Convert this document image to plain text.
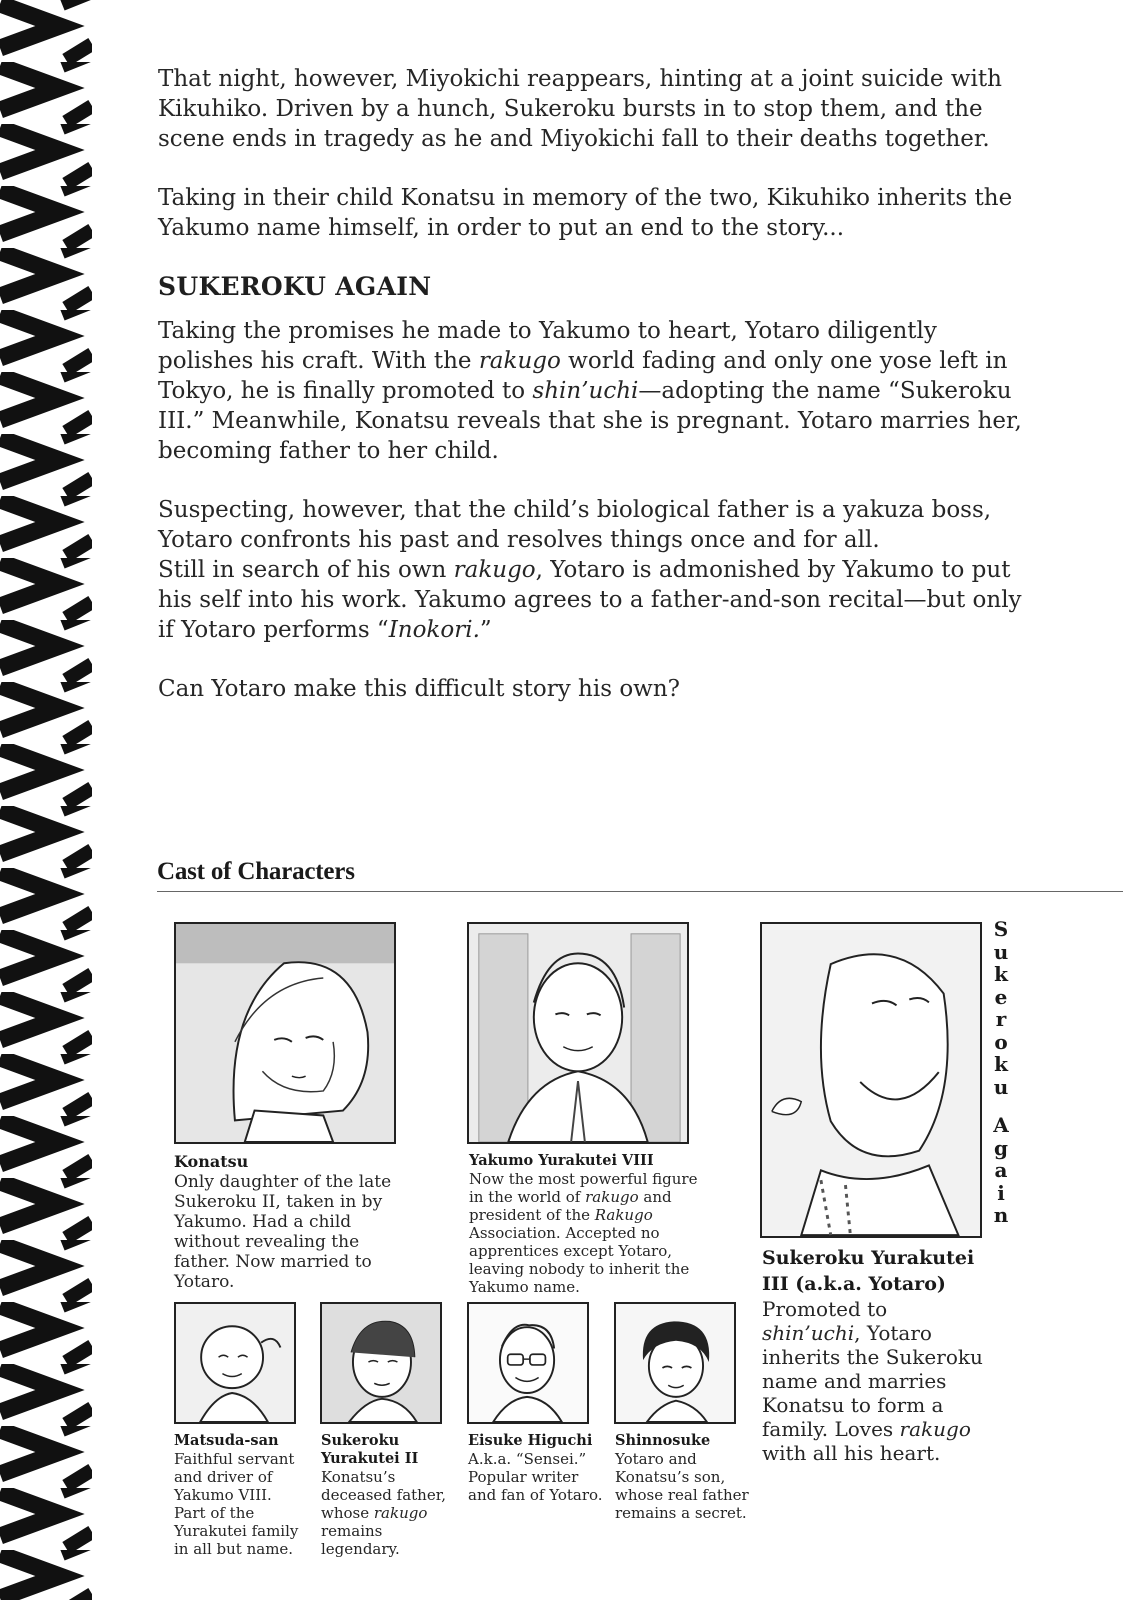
That night, however, Miyokichi reappears, hinting at a joint suicide with Kikuhiko. Driven by a hunch, Sukeroku bursts in to stop them, and the scene ends in tragedy as he and Miyokichi fall to their deaths together.

Taking in their child Konatsu in memory of the two, Kikuhiko inherits the Yakumo name himself, in order to put an end to the story...

SUKEROKU AGAIN

Taking the promises he made to Yakumo to heart, Yotaro diligently polishes his craft. With the rakugo world fading and only one yose left in Tokyo, he is finally promoted to shin’uchi—adopting the name “Sukeroku III.” Meanwhile, Konatsu reveals that she is pregnant. Yotaro marries her, becoming father to her child.

Suspecting, however, that the child’s biological father is a yakuza boss, Yotaro confronts his past and resolves things once and for all.

Still in search of his own rakugo, Yotaro is admonished by Yakumo to put his self into his work. Yakumo agrees to a father-and-son recital—but only if Yotaro performs “Inokori.”

Can Yotaro make this difficult story his own?

Cast of Characters
Konatsu
Only daughter of the late Sukeroku II, taken in by Yakumo. Had a child without revealing the father. Now married to Yotaro.
Yakumo Yurakutei VIII
Now the most powerful figure in the world of rakugo and president of the Rakugo Association. Accepted no apprentices except Yotaro, leaving nobody to inherit the Yakumo name.
S
u
k
e
r
o
k
u
A
g
a
i
n
Sukeroku Yurakutei III (a.k.a. Yotaro)
Promoted to shin’uchi, Yotaro inherits the Sukeroku name and marries Konatsu to form a family. Loves rakugo with all his heart.
Matsuda-san
Faithful servant and driver of Yakumo VIII. Part of the Yurakutei family in all but name.
Sukeroku Yurakutei II
Konatsu’s deceased father, whose rakugo remains legendary.
Eisuke Higuchi
A.k.a. “Sensei.” Popular writer and fan of Yotaro.
Shinnosuke
Yotaro and Konatsu’s son, whose real father remains a secret.
